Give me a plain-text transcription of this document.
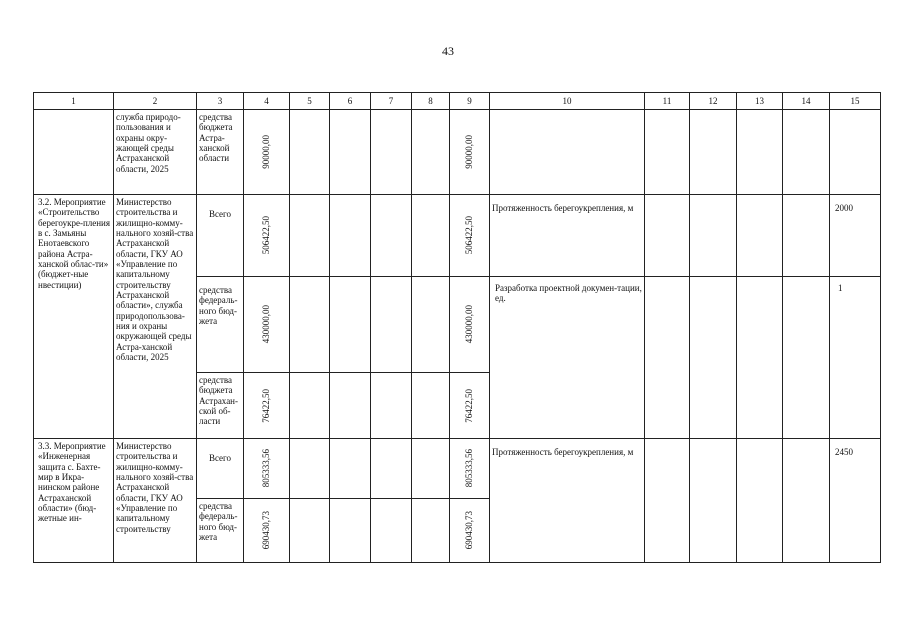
43
1	2	3	4	5	6	7	8	9	10	11	12	13	14	15
	служба природо-пользования и охраны окру-жающей среды Астраханской области, 2025	средства бюджета Астра-ханской области	90000,00					90000,00						

3.2. Мероприятие «Строительство берегоукре-пления в с. Замьяны Енотаевского района Астра-ханской облас-ти» (бюджет-ные нвестиции)	Министерство строительства и жилищно-комму-нального хозяй-ства Астраханской области, ГКУ АО «Управление по капитальному строительству Астраханской области», служба природопользова-ния и охраны окружающей среды Астра-ханской области, 2025	Всего	506422,50					506422,50	Протяженность берегоукрепления, м					2000
		средства федераль-ного бюд-жета	430000,00					430000,00	Разработка проектной докумен-тации, ед.					1
		средства бюджета Астрахан-ской об-ласти	76422,50					76422,50						

3.3. Мероприятие «Инженерная защита с. Бахте-мир в Икра-нинском районе Астраханской области» (бюд-жетные ин-	Министерство строительства и жилищно-комму-нального хозяй-ства Астраханской области, ГКУ АО «Управление по капитальному строительству	Всего	805333,56					805333,56	Протяженность берегоукрепления, м					2450
		средства федераль-ного бюд-жета	690430,73					690430,73						
